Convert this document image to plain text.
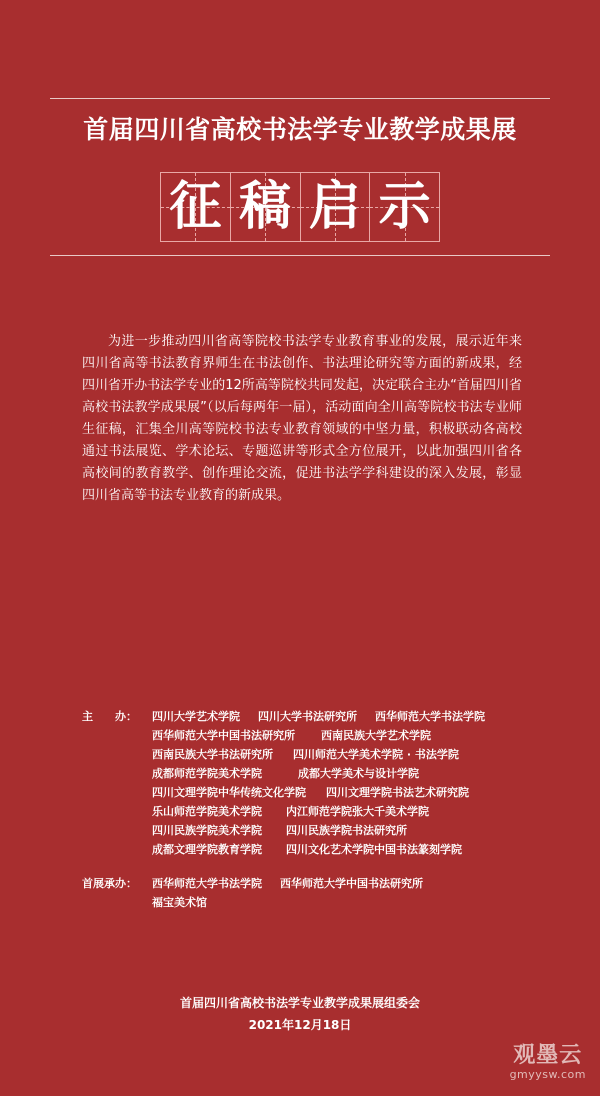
首届四川省高校书法学专业教学成果展
征 稿 启 示
为进一步推动四川省高等院校书法学专业教育事业的发展，展示近年来四川省高等书法教育界师生在书法创作、书法理论研究等方面的新成果，经四川省开办书法学专业的12所高等院校共同发起，决定联合主办“首届四川省高校书法教学成果展”（以后每两年一届），活动面向全川高等院校书法专业师生征稿，汇集全川高等院校书法专业教育领域的中坚力量，积极联动各高校通过书法展览、学术论坛、专题巡讲等形式全方位展开，以此加强四川省各高校间的教育教学、创作理论交流，促进书法学学科建设的深入发展，彰显四川省高等书法专业教育的新成果。
主　　办：	四川大学艺术学院 四川大学书法研究所 西华师范大学书法学院
西华师范大学中国书法研究所 西南民族大学艺术学院
西南民族大学书法研究所 四川师范大学美术学院 · 书法学院
成都师范学院美术学院	成都大学美术与设计学院
四川文理学院中华传统文化学院 四川文理学院书法艺术研究院
乐山师范学院美术学院 内江师范学院张大千美术学院
四川民族学院美术学院 四川民族学院书法研究所
成都文理学院教育学院 四川文化艺术学院中国书法篆刻学院
首展承办：	西华师范大学书法学院 西华师范大学中国书法研究所
福宝美术馆
首届四川省高校书法学专业教学成果展组委会
2021年12月18日
观墨云
gmyysw.com
